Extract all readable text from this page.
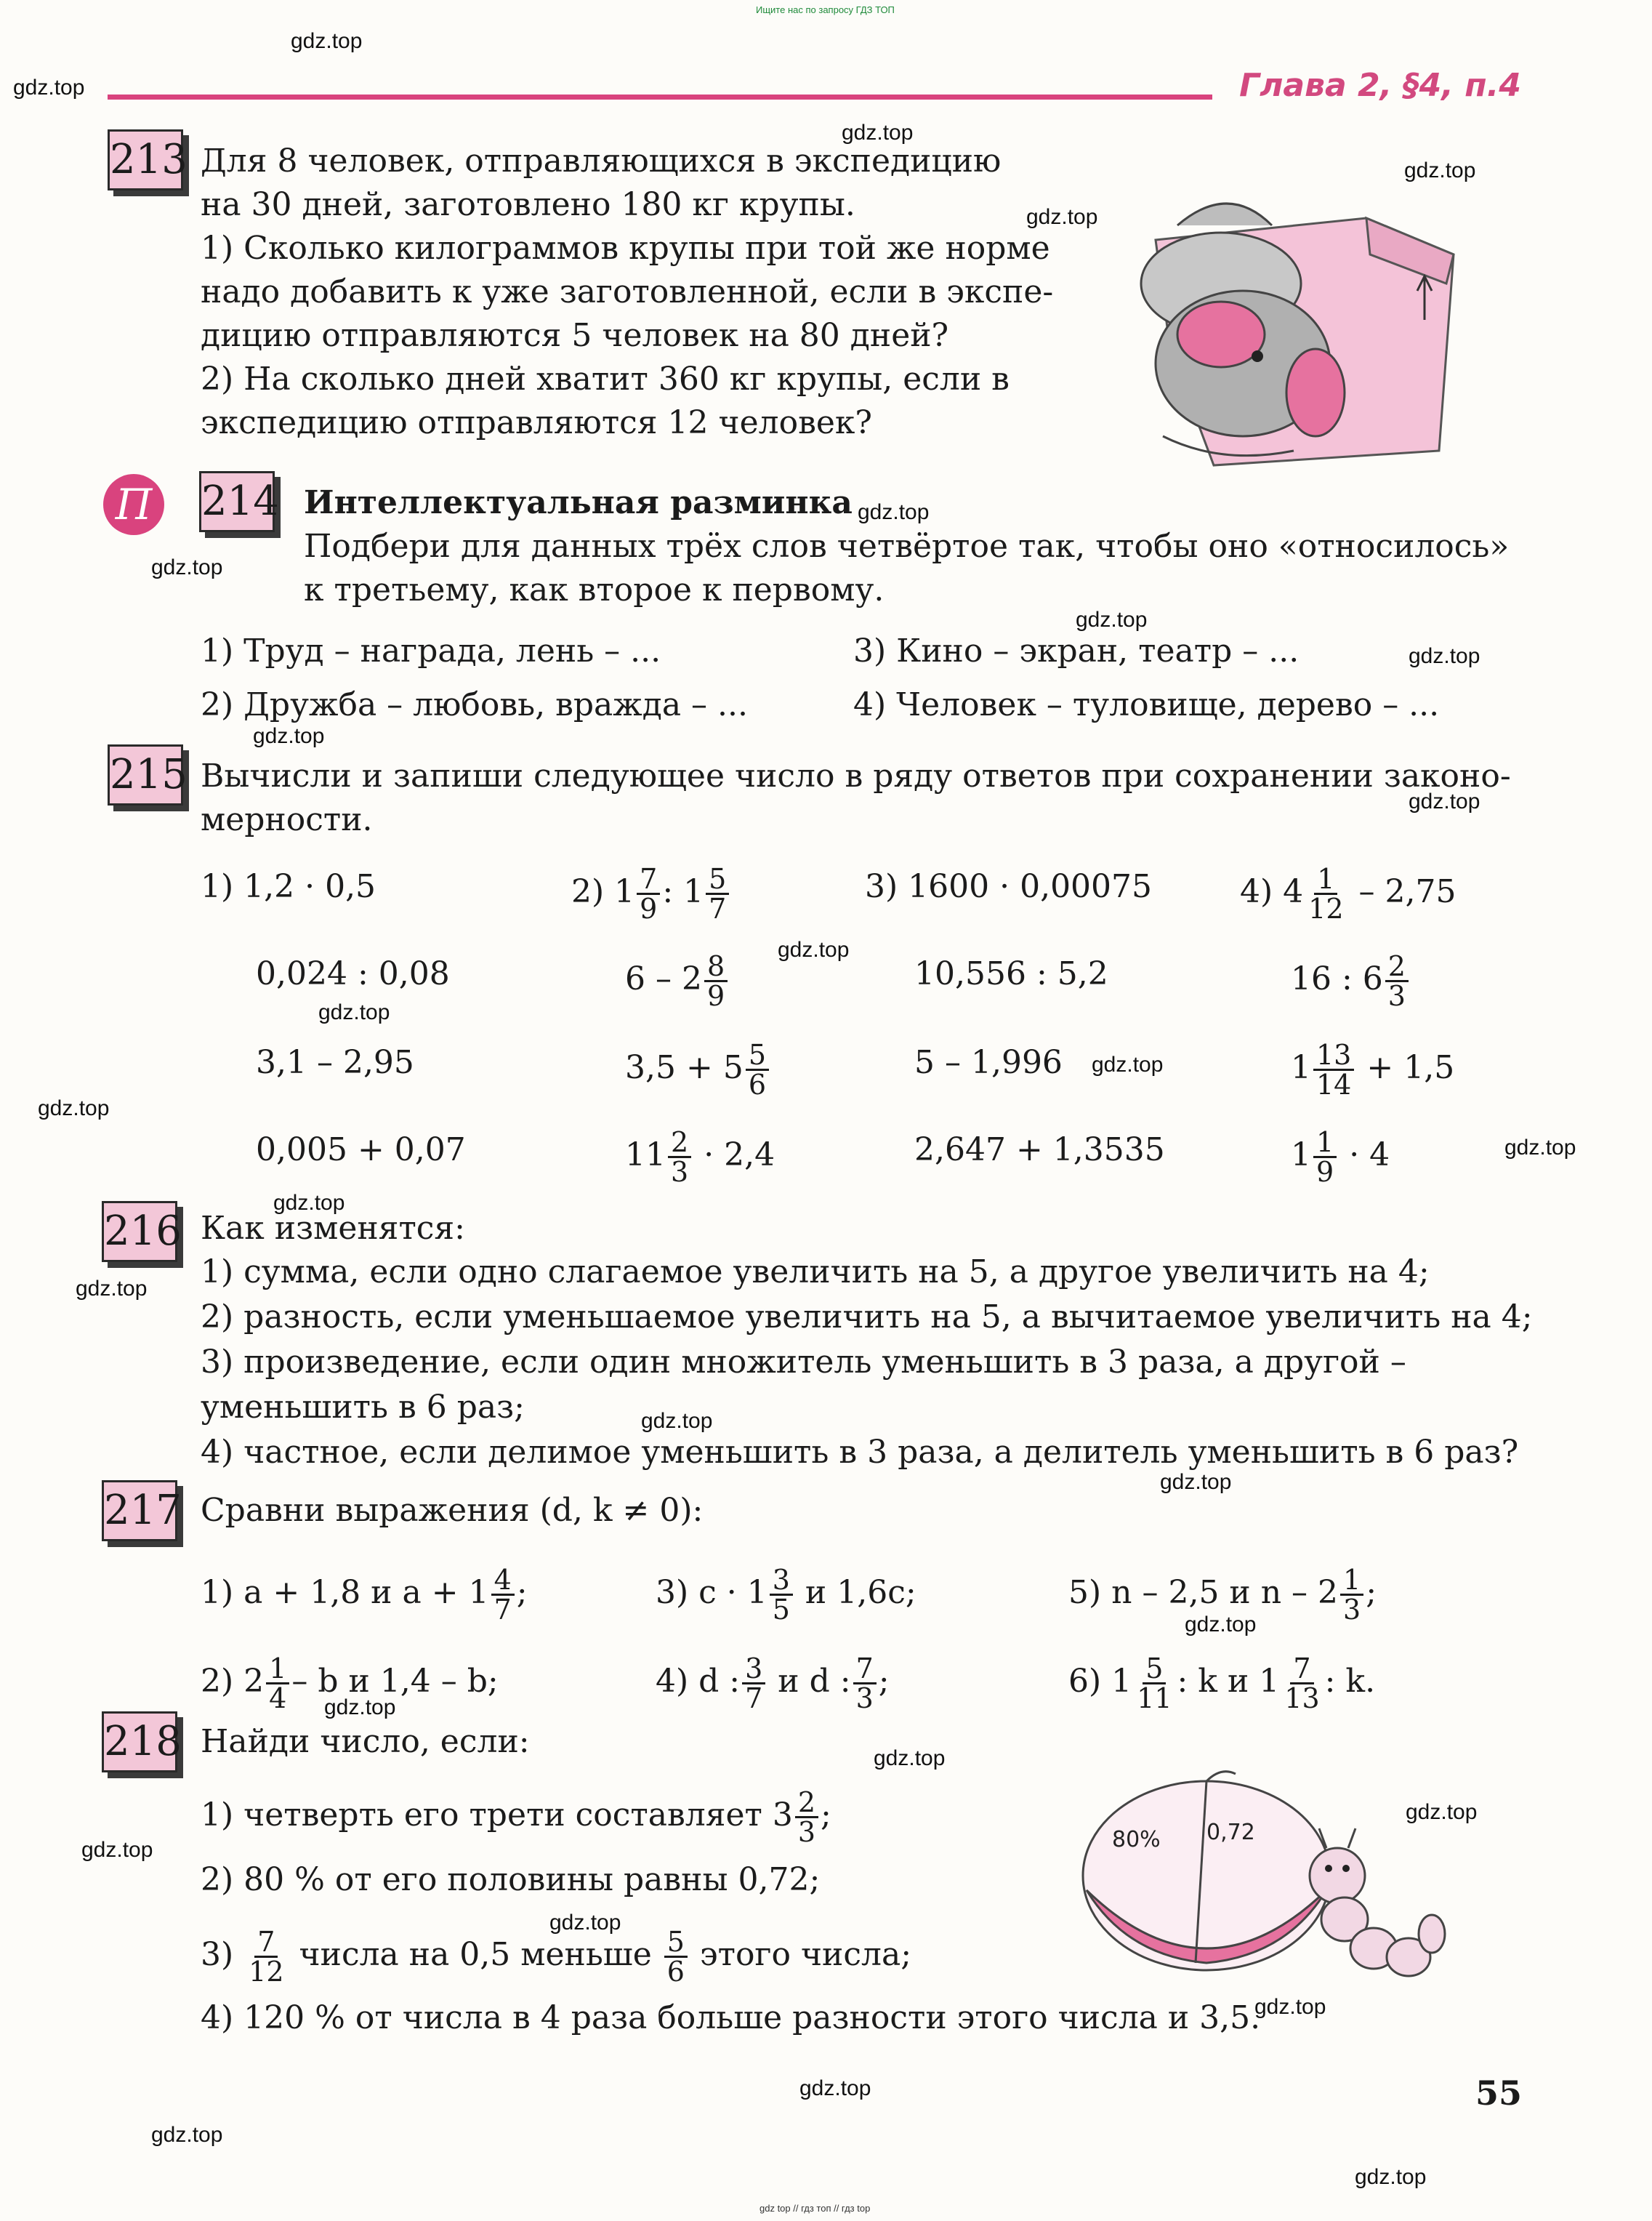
Ищите нас по запросу ГДЗ ТОП
gdz top // гдз топ // гдз top
Глава 2, §4, п.4
gdz.top
gdz.top
gdz.top
gdz.top
gdz.top
gdz.top
gdz.top
gdz.top
gdz.top
gdz.top
gdz.top
gdz.top
gdz.top
gdz.top
gdz.top
gdz.top
gdz.top
gdz.top
gdz.top
gdz.top
gdz.top
gdz.top
gdz.top
gdz.top
gdz.top
gdz.top
gdz.top
gdz.top
gdz.top
gdz.top
213 Для 8 человек, отправляющихся в экспедицию
на 30 дней, заготовлено 180 кг крупы.
1) Сколько килограммов крупы при той же норме
надо добавить к уже заготовленной, если в экспе-
дицию отправляются 5 человек на 80 дней?
2) На сколько дней хватит 360 кг крупы, если в
экспедицию отправляются 12 человек?
П 214 Интеллектуальная разминка
Подбери для данных трёх слов четвёртое так, чтобы оно «относилось»
к третьему, как второе к первому.
1) Труд – награда, лень – ...	3) Кино – экран, театр – ...
2) Дружба – любовь, вражда – ...	4) Человек – туловище, дерево – ...
215 Вычисли и запиши следующее число в ряду ответов при сохранении законо-
мерности.
1) 1,2 · 0,5	2) $1 \frac{7}{9}$ : $1 \frac{5}{7}$	3) 1600 · 0,00075	4) $4 \frac{1}{12} - 2,75$
0,024 : 0,08	$6 - 2 \frac{8}{9}$	10,556 : 5,2	16 : $6 \frac{2}{3}$
3,1 – 2,95	$3,5 + 5 \frac{5}{6}$	5 – 1,996	$1 \frac{13}{14} + 1,5$
0,005 + 0,07	$11 \frac{2}{3} \cdot 2,4$	2,647 + 1,3535	$1 \frac{1}{9} \cdot 4$
216 Как изменятся:
1) сумма, если одно слагаемое увеличить на 5, а другое увеличить на 4;
2) разность, если уменьшаемое увеличить на 5, а вычитаемое увеличить на 4;
3) произведение, если один множитель уменьшить в 3 раза, а другой –
уменьшить в 6 раз;
4) частное, если делимое уменьшить в 3 раза, а делитель уменьшить в 6 раз?
217 Сравни выражения (d, k ≠ 0):
1) a + 1,8 и $a + 1 \frac{4}{7}$ ;	3) $c \cdot 1 \frac{3}{5}$ и 1,6c;	5) n – 2,5 и n – $2 \frac{1}{3}$ ;
2) $2 \frac{1}{4}$ – b и 1,4 – b;	4) d : $\frac{3}{7}$ и d : $\frac{7}{3}$ ;	6) $1 \frac{5}{11}$ : k и $1 \frac{7}{13}$ : k.
218 Найди число, если:
1) четверть его трети составляет $3 \frac{2}{3}$ ;
2) 80 % от его половины равны 0,72;
$3) \frac{7}{12}$ числа на 0,5 меньше $\frac{5}{6}$ этого числа;
4) 120 % от числа в 4 раза больше разности этого числа и 3,5.
80% 0,72
55
